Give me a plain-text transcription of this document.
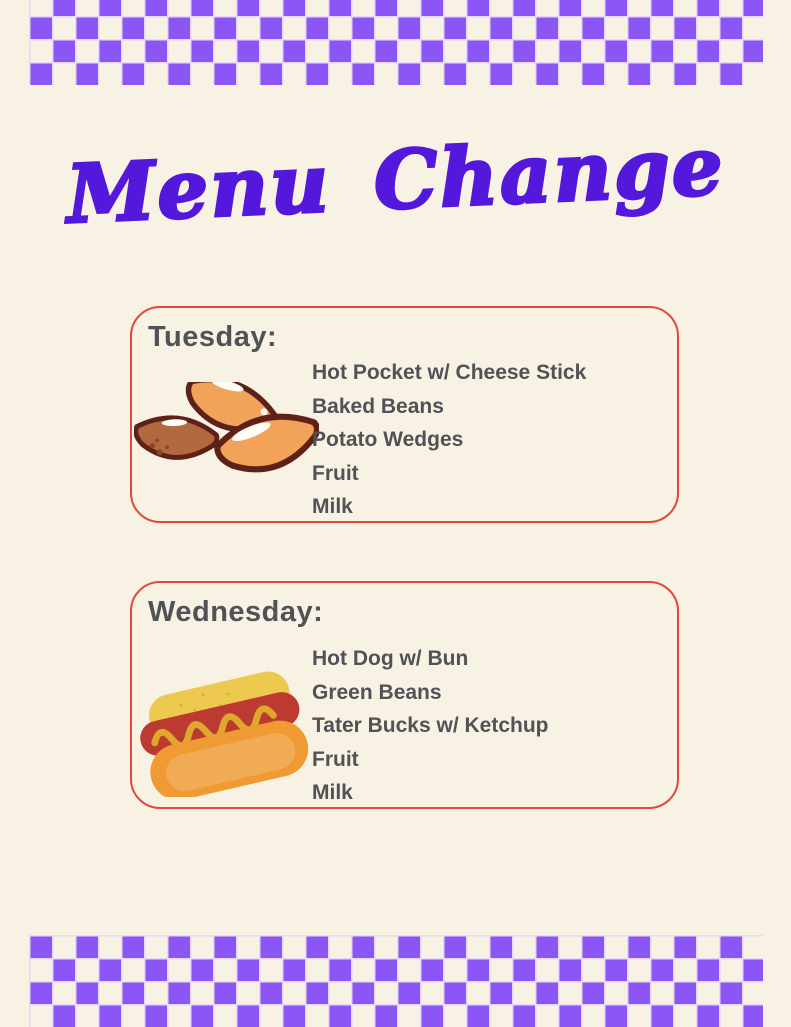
Menu Change
Tuesday:
Hot Pocket w/ Cheese Stick
Baked Beans
Potato Wedges
Fruit
Milk
Wednesday:
Hot Dog w/ Bun
Green Beans
Tater Bucks w/ Ketchup
Fruit
Milk
